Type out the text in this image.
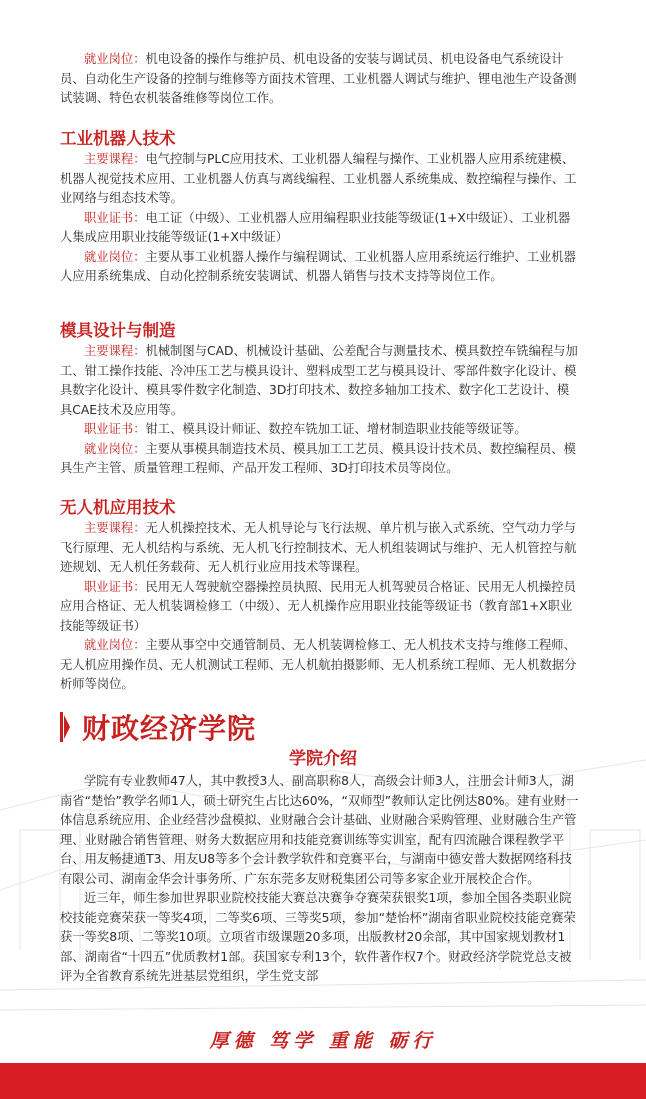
就业岗位：机电设备的操作与维护员、机电设备的安装与调试员、机电设备电气系统设计员、自动化生产设备的控制与维修等方面技术管理、工业机器人调试与维护、锂电池生产设备测试装调、特色农机装备维修等岗位工作。

工业机器人技术

主要课程：电气控制与PLC应用技术、工业机器人编程与操作、工业机器人应用系统建模、机器人视觉技术应用、工业机器人仿真与离线编程、工业机器人系统集成、数控编程与操作、工业网络与组态技术等。

职业证书：电工证（中级）、工业机器人应用编程职业技能等级证(1+X中级证）、工业机器人集成应用职业技能等级证(1+X中级证）

就业岗位：主要从事工业机器人操作与编程调试、工业机器人应用系统运行维护、工业机器人应用系统集成、自动化控制系统安装调试、机器人销售与技术支持等岗位工作。

模具设计与制造

主要课程：机械制图与CAD、机械设计基础、公差配合与测量技术、模具数控车铣编程与加工、钳工操作技能、冷冲压工艺与模具设计、塑料成型工艺与模具设计、零部件数字化设计、模具数字化设计、模具零件数字化制造、3D打印技术、数控多轴加工技术、数字化工艺设计、模具CAE技术及应用等。

职业证书：钳工、模具设计师证、数控车铣加工证、增材制造职业技能等级证等。

就业岗位：主要从事模具制造技术员、模具加工工艺员、模具设计技术员、数控编程员、模具生产主管、质量管理工程师、产品开发工程师、3D打印技术员等岗位。

无人机应用技术

主要课程：无人机操控技术、无人机导论与飞行法规、单片机与嵌入式系统、空气动力学与飞行原理、无人机结构与系统、无人机飞行控制技术、无人机组装调试与维护、无人机管控与航迹规划、无人机任务载荷、无人机行业应用技术等课程。

职业证书：民用无人驾驶航空器操控员执照、民用无人机驾驶员合格证、民用无人机操控员应用合格证、无人机装调检修工（中级）、无人机操作应用职业技能等级证书（教育部1+X职业技能等级证书）

就业岗位：主要从事空中交通管制员、无人机装调检修工、无人机技术支持与维修工程师、无人机应用操作员、无人机测试工程师、无人机航拍摄影师、无人机系统工程师、无人机数据分析师等岗位。

财政经济学院
学院介绍

学院有专业教师47人，其中教授3人、副高职称8人，高级会计师3人，注册会计师3人，湖南省“楚怡”教学名师1人，硕士研究生占比达60%，“双师型”教师认定比例达80%。建有业财一体信息系统应用、企业经营沙盘模拟、业财融合会计基础、业财融合采购管理、业财融合生产管理、业财融合销售管理、财务大数据应用和技能竞赛训练等实训室，配有四流融合课程教学平台、用友畅捷通T3、用友U8等多个会计教学软件和竞赛平台，与湖南中德安普大数据网络科技有限公司、湖南金华会计事务所、广东东莞多友财税集团公司等多家企业开展校企合作。

近三年，师生参加世界职业院校技能大赛总决赛争夺赛荣获银奖1项，参加全国各类职业院校技能竞赛荣获一等奖4项，二等奖6项、三等奖5项，参加“楚怡杯”湖南省职业院校技能竞赛荣获一等奖8项、二等奖10项。立项省市级课题20多项，出版教材20余部，其中国家规划教材1部、湖南省“十四五”优质教材1部。获国家专利13个，软件著作权7个。财政经济学院党总支被评为全省教育系统先进基层党组织，学生党支部

厚德 笃学 重能 砺行
